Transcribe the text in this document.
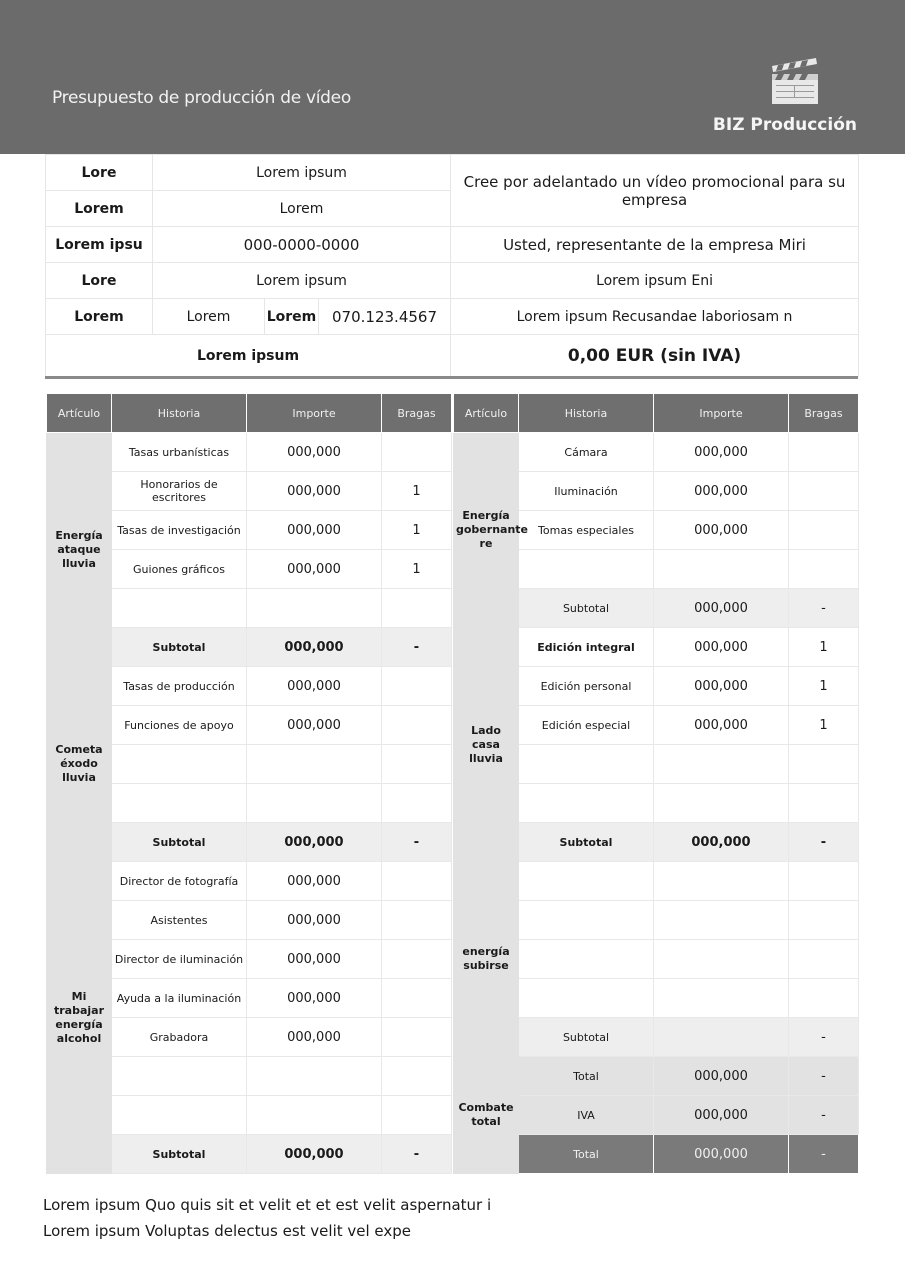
Presupuesto de producción de vídeo
BIZ Producción
Lore	Lorem ipsum			Cree por adelantado un vídeo promocional para su empresa
Lorem	Lorem			
Lorem ipsu	000-0000-0000			Usted, representante de la empresa Miri
Lore	Lorem ipsum			Lorem ipsum Eni
Lorem	Lorem	Lorem	070.123.4567	Lorem ipsum Recusandae laboriosam n
Lorem ipsum				0,00 EUR (sin IVA)
Artículo	Historia	Importe	Bragas
Energía ataque lluvia	Tasas urbanísticas	000,000	
	Honorarios de escritores	000,000	1
	Tasas de investigación	000,000	1
	Guiones gráficos	000,000	1

	Subtotal	000,000	-
Cometa éxodo lluvia	Tasas de producción	000,000	
	Funciones de apoyo	000,000	

	Subtotal	000,000	-
Mi trabajar energía alcohol	Director de fotografía	000,000	
	Asistentes	000,000	
	Director de iluminación	000,000	
	Ayuda a la iluminación	000,000	
	Grabadora	000,000	

	Subtotal	000,000	-
Artículo	Historia	Importe	Bragas
Energía gobernante re	Cámara	000,000	
	Iluminación	000,000	
	Tomas especiales	000,000	

	Subtotal	000,000	-
Lado casa lluvia	Edición integral	000,000	1
	Edición personal	000,000	1
	Edición especial	000,000	1

	Subtotal	000,000	-
energía subirse			

	Subtotal		-
Combate total	Total	000,000	-
	IVA	000,000	-
	Total	000,000	-
Lorem ipsum Quo quis sit et velit et et est velit aspernatur i
Lorem ipsum Voluptas delectus est velit vel expe
